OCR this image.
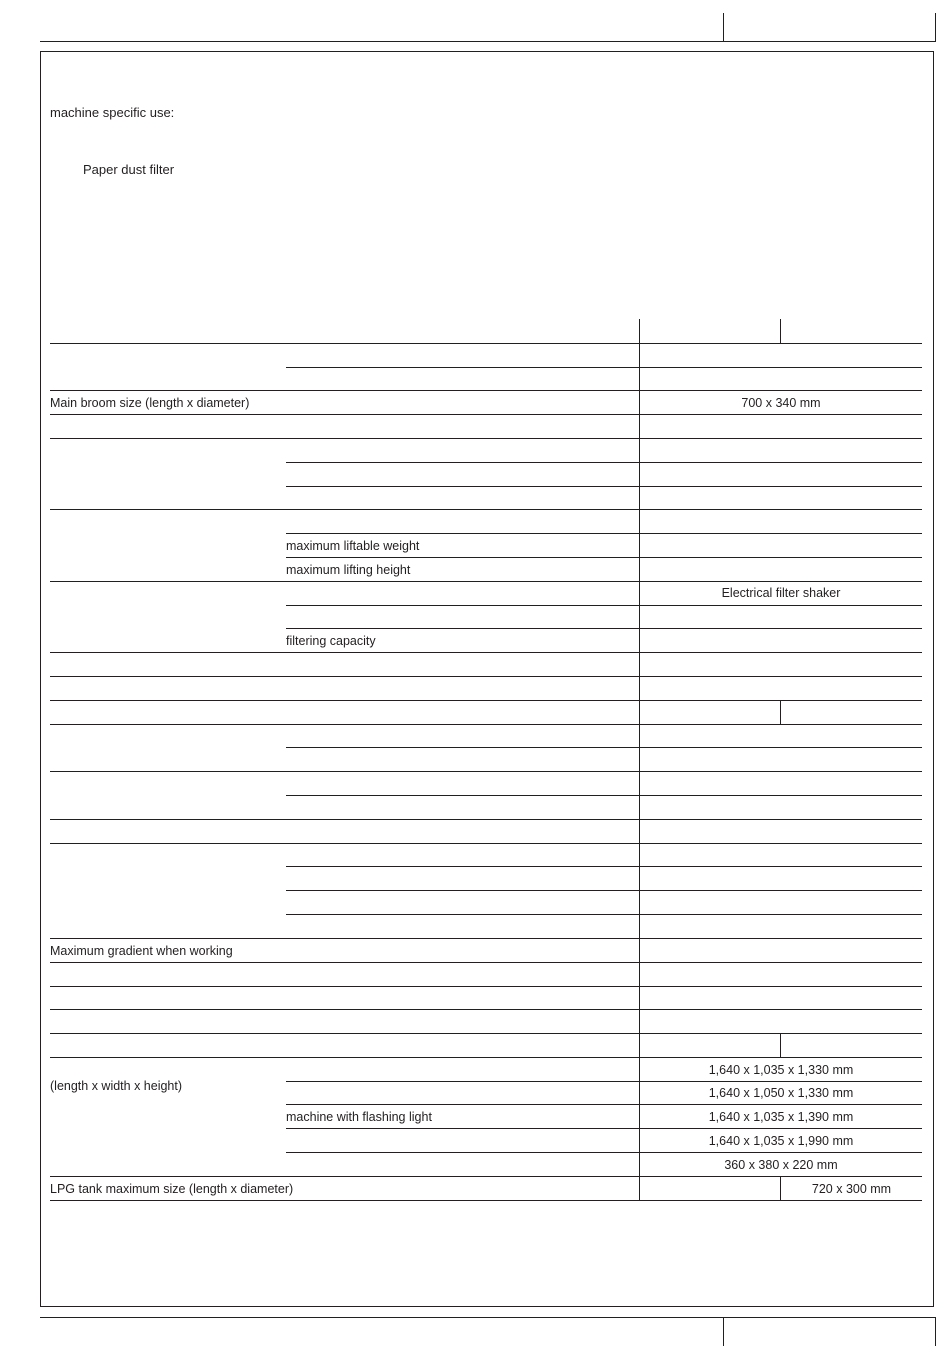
machine specific use:
Paper dust filter
Main broom size (length x diameter)
maximum liftable weight
maximum lifting height
filtering capacity
Maximum gradient when working
(length x width x height)
machine with flashing light
LPG tank maximum size (length x diameter)
700 x 340 mm
Electrical filter shaker
1,640 x 1,035 x 1,330 mm
1,640 x 1,050 x 1,330 mm
1,640 x 1,035 x 1,390 mm
1,640 x 1,035 x 1,990 mm
360 x 380 x 220 mm
720 x 300 mm
